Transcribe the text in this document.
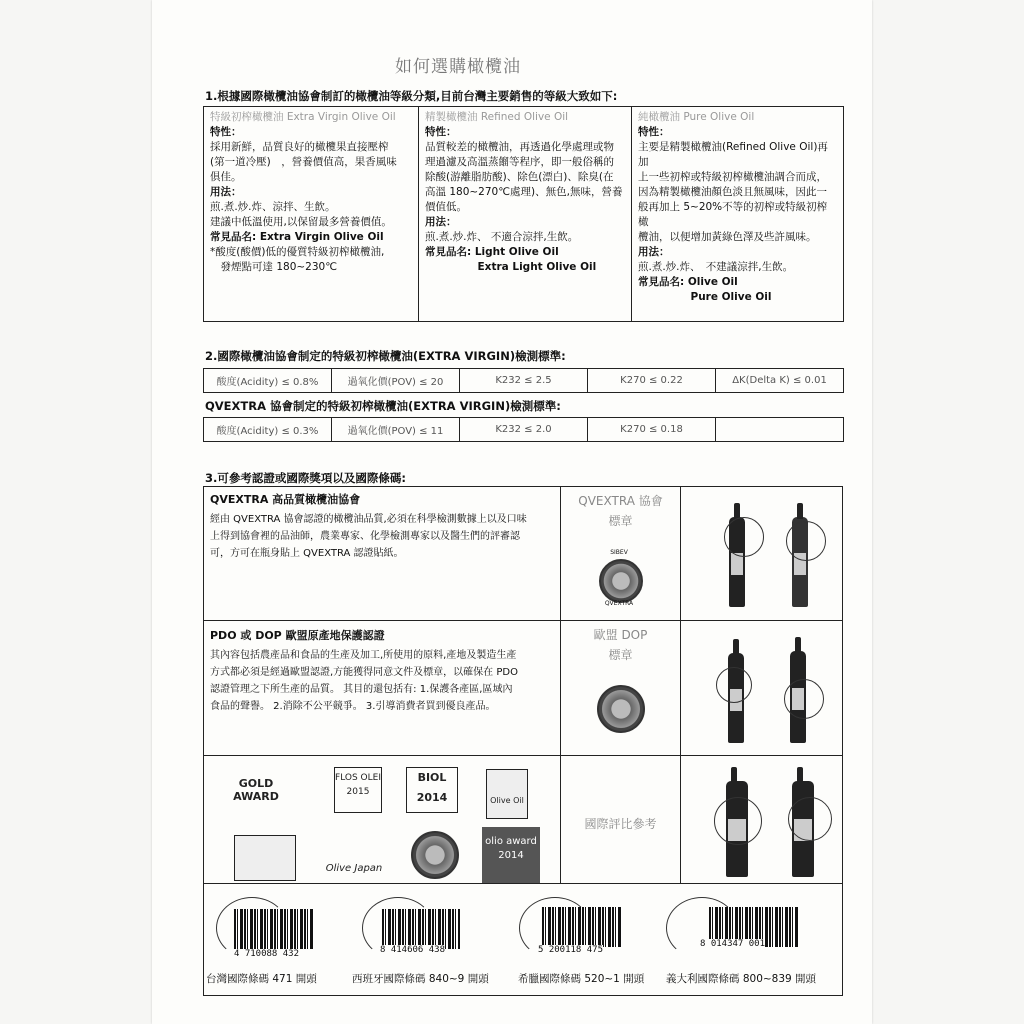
如何選購橄欖油
1.根據國際橄欖油協會制訂的橄欖油等級分類,目前台灣主要銷售的等級大致如下:
特級初榨橄欖油 Extra Virgin Olive Oil
特性：
採用新鮮，品質良好的橄欖果直接壓榨
(第一道冷壓)　，營養價值高，果香風味
俱佳。
用法：
煎.煮.炒.炸、涼拌、生飲。
建議中低溫使用,以保留最多營養價值。
常見品名: Extra Virgin Olive Oil
*酸度(酸價)低的優質特級初榨橄欖油,
　發煙點可達 180~230℃
精製橄欖油 Refined Olive Oil
特性：
品質較差的橄欖油，再透過化學處理或物
理過濾及高溫蒸餾等程序，即一般俗稱的
除酸(游離脂肪酸)、除色(漂白)、除臭(在
高溫 180~270℃處理)、無色,無味，營養
價值低。
用法：
煎.煮.炒.炸、 不適合涼拌,生飲。
常見品名: Light Olive Oil
　　　　　Extra Light Olive Oil
純橄欖油 Pure Olive Oil
特性：
主要是精製橄欖油(Refined Olive Oil)再加
上一些初榨或特級初榨橄欖油調合而成，
因為精製橄欖油顏色淡且無風味，因此一
般再加上 5~20%不等的初榨或特級初榨橄
欖油，以便增加黃綠色澤及些許風味。
用法：
煎.煮.炒.炸、　不建議涼拌,生飲。
常見品名: Olive Oil
　　　　　Pure Olive Oil
2.國際橄欖油協會制定的特級初榨橄欖油(EXTRA VIRGIN)檢測標準:
酸度(Acidity) ≤ 0.8%	過氧化價(POV) ≤ 20	K232 ≤ 2.5	K270 ≤ 0.22	ΔK(Delta K) ≤ 0.01
QVEXTRA 協會制定的特級初榨橄欖油(EXTRA VIRGIN)檢測標準:
酸度(Acidity) ≤ 0.3%	過氧化價(POV) ≤ 11	K232 ≤ 2.0	K270 ≤ 0.18
3.可參考認證或國際獎項以及國際條碼:
QVEXTRA 高品質橄欖油協會
經由 QVEXTRA 協會認證的橄欖油品質,必須在科學檢測數據上以及口味
上得到協會裡的品油師，農業專家、化學檢測專家以及醫生們的評審認
可，方可在瓶身貼上 QVEXTRA 認證貼紙。
QVEXTRA 協會
標章
SIBEV
QVEXTRA
PDO 或 DOP 歐盟原產地保護認證
其內容包括農產品和食品的生產及加工,所使用的原料,產地及製造生產
方式都必須是經過歐盟認證,方能獲得同意文件及標章，以確保在 PDO
認證管理之下所生產的品質。 其目的還包括有: 1.保護各產區,區域內
食品的聲譽。 2.消除不公平競爭。 3.引導消費者買到優良產品。
歐盟 DOP
標章
GOLD AWARD
FLOS OLEI 2015
BIOL 2014	Olive Oil
Olive Japan
olio award 2014
國際評比參考
4 710088 432
台灣國際條碼 471 開頭
8 414606 438
西班牙國際條碼 840~9 開頭
5 200118 475
希臘國際條碼 520~1 開頭
8 014347 001
義大利國際條碼 800~839 開頭
